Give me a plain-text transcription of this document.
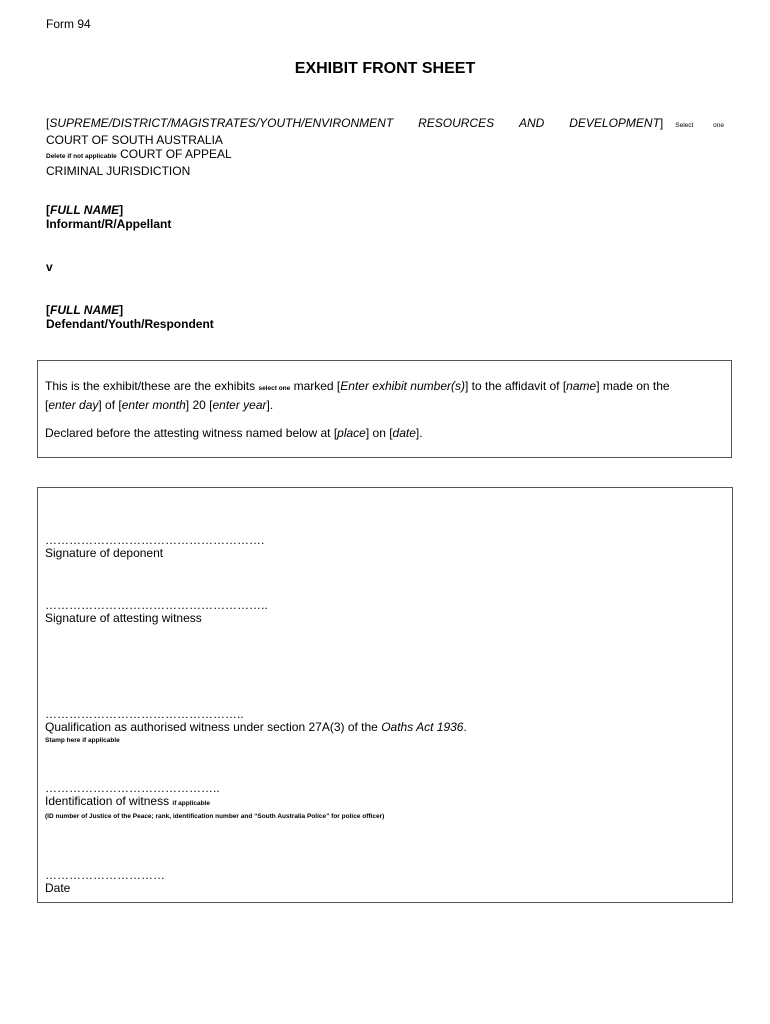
Form 94
EXHIBIT FRONT SHEET
[SUPREME/DISTRICT/MAGISTRATES/YOUTH/ENVIRONMENT RESOURCES AND DEVELOPMENT] Select one
COURT OF SOUTH AUSTRALIA
Delete if not applicable COURT OF APPEAL
CRIMINAL JURISDICTION
[FULL NAME]
Informant/R/Appellant
v
[FULL NAME]
Defendant/Youth/Respondent
This is the exhibit/these are the exhibits select one marked [Enter exhibit number(s)] to the affidavit of [name] made on the
[enter day] of [enter month] 20 [enter year].
Declared before the attesting witness named below at [place] on [date].
……………………………………………….
Signature of deponent
………………………………………………..
Signature of attesting witness
…………………………………………..
Qualification as authorised witness under section 27A(3) of the Oaths Act 1936.
Stamp here if applicable
……………………………………..
Identification of witness if applicable
(ID number of Justice of the Peace; rank, identification number and “South Australia Police” for police officer)
…………………………
Date
